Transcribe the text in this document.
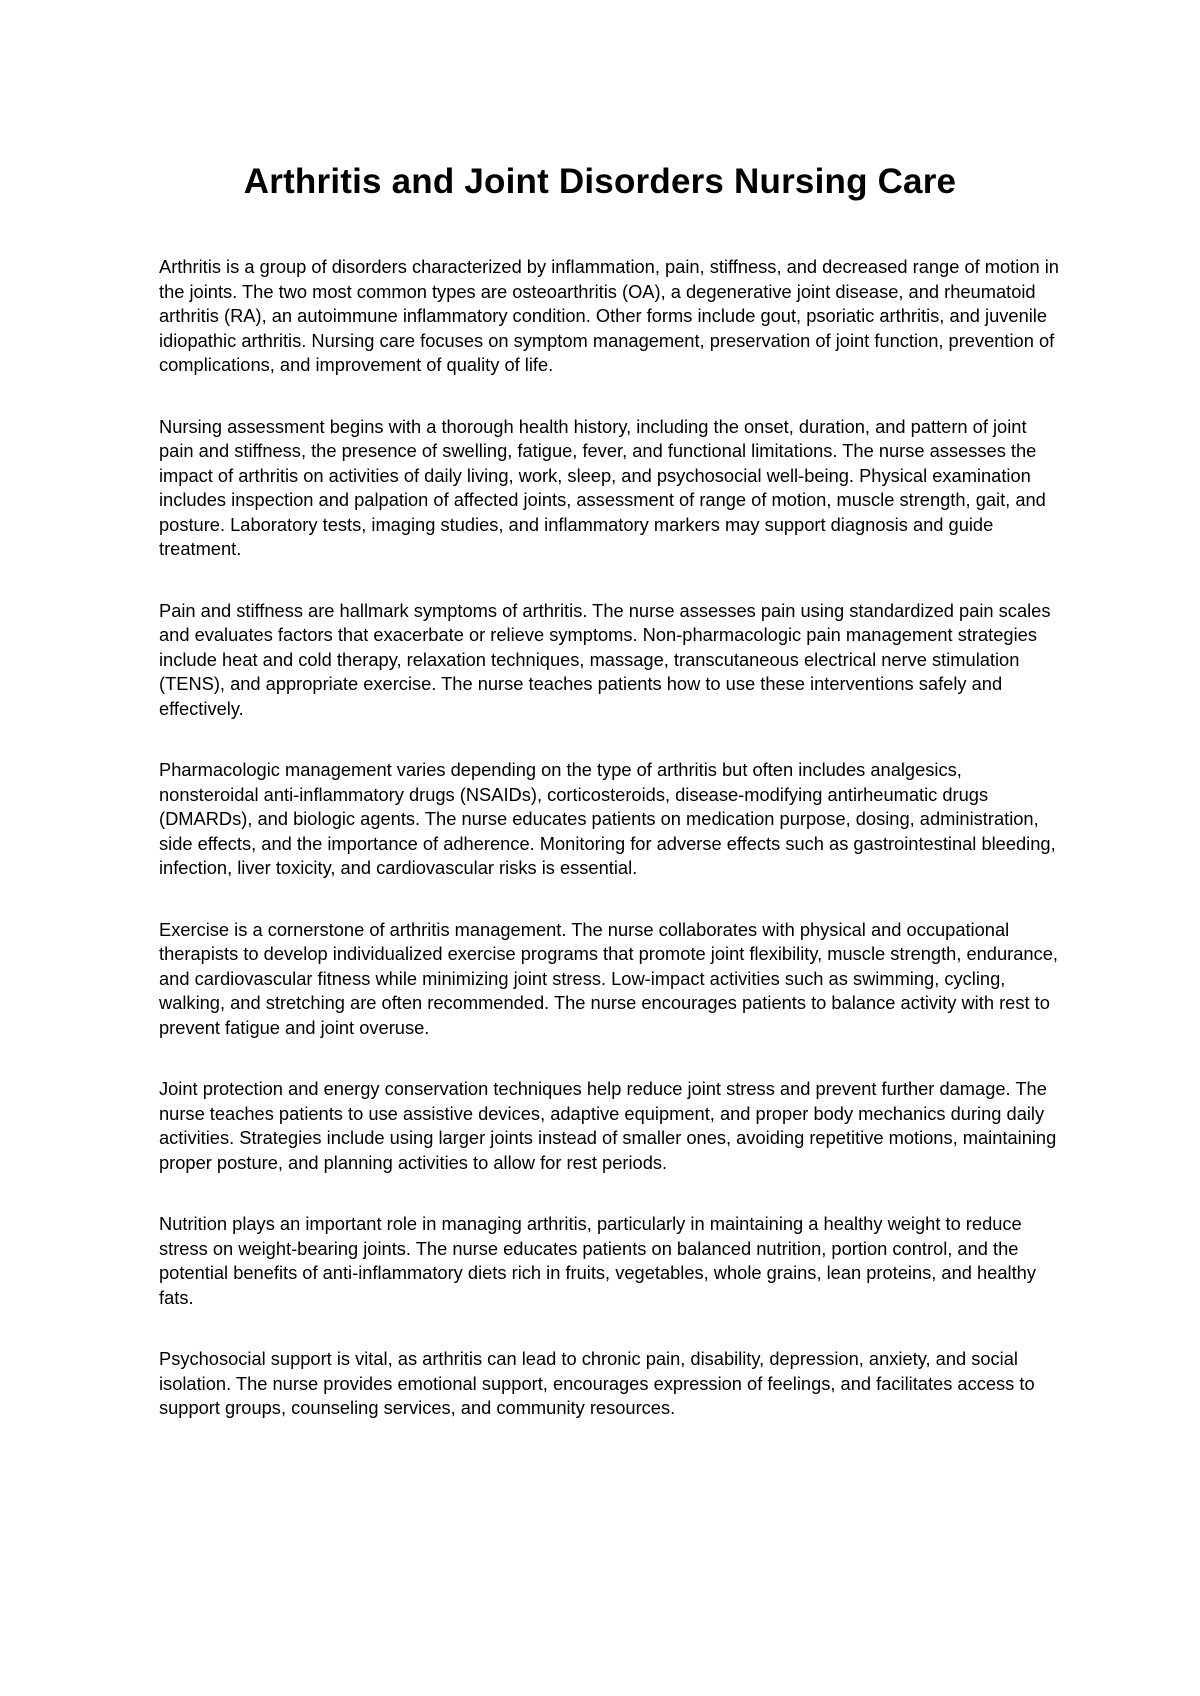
Arthritis and Joint Disorders Nursing Care

Arthritis is a group of disorders characterized by inflammation, pain, stiffness, and decreased range of motion in the joints. The two most common types are osteoarthritis (OA), a degenerative joint disease, and rheumatoid arthritis (RA), an autoimmune inflammatory condition. Other forms include gout, psoriatic arthritis, and juvenile idiopathic arthritis. Nursing care focuses on symptom management, preservation of joint function, prevention of complications, and improvement of quality of life.

Nursing assessment begins with a thorough health history, including the onset, duration, and pattern of joint pain and stiffness, the presence of swelling, fatigue, fever, and functional limitations. The nurse assesses the impact of arthritis on activities of daily living, work, sleep, and psychosocial well-being. Physical examination includes inspection and palpation of affected joints, assessment of range of motion, muscle strength, gait, and posture. Laboratory tests, imaging studies, and inflammatory markers may support diagnosis and guide treatment.

Pain and stiffness are hallmark symptoms of arthritis. The nurse assesses pain using standardized pain scales and evaluates factors that exacerbate or relieve symptoms. Non-pharmacologic pain management strategies include heat and cold therapy, relaxation techniques, massage, transcutaneous electrical nerve stimulation (TENS), and appropriate exercise. The nurse teaches patients how to use these interventions safely and effectively.

Pharmacologic management varies depending on the type of arthritis but often includes analgesics, nonsteroidal anti-inflammatory drugs (NSAIDs), corticosteroids, disease-modifying antirheumatic drugs (DMARDs), and biologic agents. The nurse educates patients on medication purpose, dosing, administration, side effects, and the importance of adherence. Monitoring for adverse effects such as gastrointestinal bleeding, infection, liver toxicity, and cardiovascular risks is essential.

Exercise is a cornerstone of arthritis management. The nurse collaborates with physical and occupational therapists to develop individualized exercise programs that promote joint flexibility, muscle strength, endurance, and cardiovascular fitness while minimizing joint stress. Low-impact activities such as swimming, cycling, walking, and stretching are often recommended. The nurse encourages patients to balance activity with rest to prevent fatigue and joint overuse.

Joint protection and energy conservation techniques help reduce joint stress and prevent further damage. The nurse teaches patients to use assistive devices, adaptive equipment, and proper body mechanics during daily activities. Strategies include using larger joints instead of smaller ones, avoiding repetitive motions, maintaining proper posture, and planning activities to allow for rest periods.

Nutrition plays an important role in managing arthritis, particularly in maintaining a healthy weight to reduce stress on weight-bearing joints. The nurse educates patients on balanced nutrition, portion control, and the potential benefits of anti-inflammatory diets rich in fruits, vegetables, whole grains, lean proteins, and healthy fats.

Psychosocial support is vital, as arthritis can lead to chronic pain, disability, depression, anxiety, and social isolation. The nurse provides emotional support, encourages expression of feelings, and facilitates access to support groups, counseling services, and community resources.
